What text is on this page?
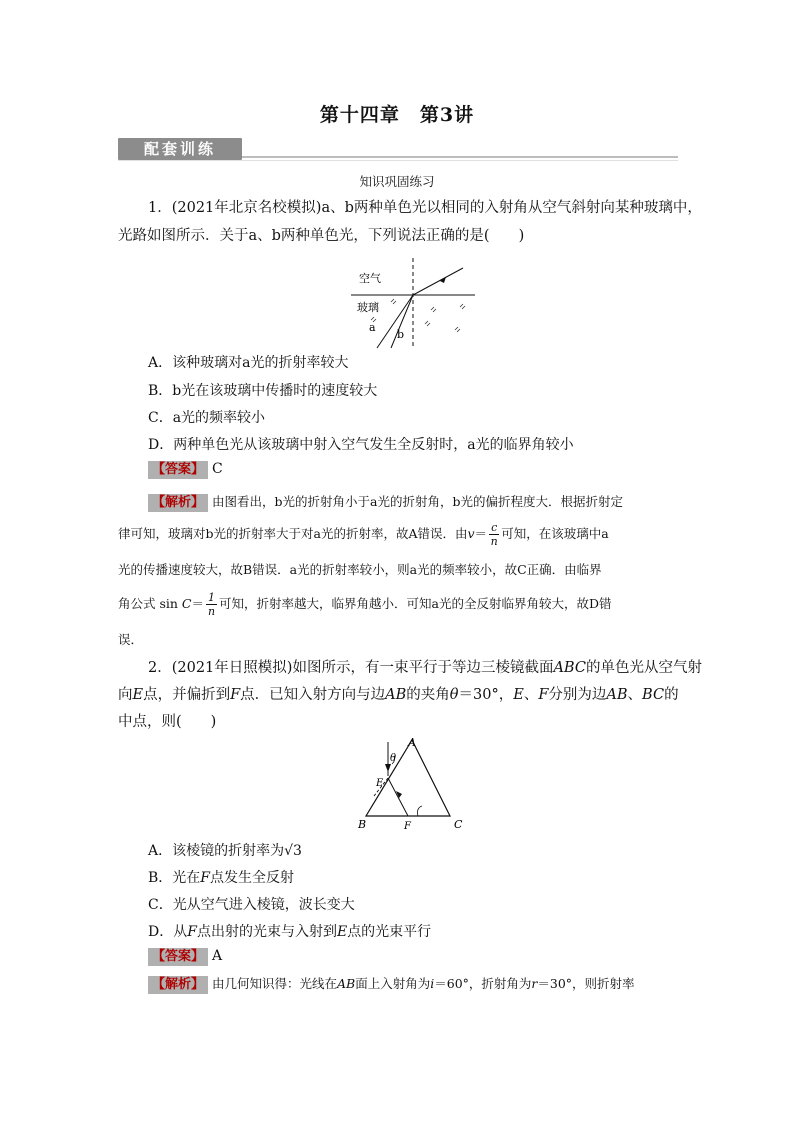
第十四章 第3讲
配套训练
知识巩固练习
1．(2021年北京名校模拟)a、b两种单色光以相同的入射角从空气斜射向某种玻璃中，
光路如图所示．关于a、b两种单色光，下列说法正确的是(　　)
空气
玻璃
a
b
A．该种玻璃对a光的折射率较大
B．b光在该玻璃中传播时的速度较大
C．a光的频率较小
D．两种单色光从该玻璃中射入空气发生全反射时，a光的临界角较小
【答案】 C
【解析】 由图看出，b光的折射角小于a光的折射角，b光的偏折程度大．根据折射定
律可知，玻璃对b光的折射率大于对a光的折射率，故A错误．由$v= \frac{c}{n}$ 可知，在该玻璃中a
光的传播速度较大，故B错误．a光的折射率较小，则a光的频率较小，故C正确．由临界
角公式 $\sin C= \frac{1}{n}$ 可知，折射率越大，临界角越小．可知a光的全反射临界角较大，故D错
误．
2．(2021年日照模拟)如图所示，有一束平行于等边三棱镜截面ABC的单色光从空气射
向E点，并偏折到F点．已知入射方向与边AB的夹角θ＝30°，E、F分别为边AB、BC的
中点，则(　　)
A
B	C
E
F
θ
A．该棱镜的折射率为√3
B．光在F点发生全反射
C．光从空气进入棱镜，波长变大
D．从F点出射的光束与入射到E点的光束平行
【答案】 A
【解析】 由几何知识得：光线在AB面上入射角为i＝60°，折射角为r＝30°，则折射率
